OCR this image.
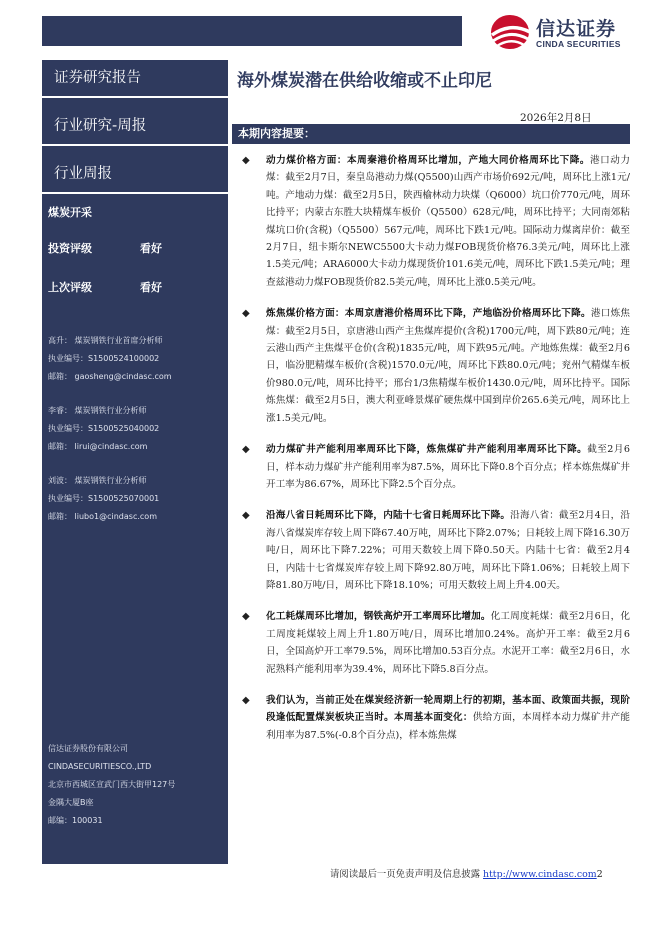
信达证券
CINDA SECURITIES
证券研究报告
行业研究-周报
行业周报
煤炭开采
投资评级	看好
上次评级	看好
高升： 煤炭钢铁行业首席分析师
执业编号：S1500524100002
邮箱： gaosheng@cindasc.com
李睿： 煤炭钢铁行业分析师
执业编号：S1500525040002
邮箱： lirui@cindasc.com
刘波： 煤炭钢铁行业分析师
执业编号：S1500525070001
邮箱： liubo1@cindasc.com
信达证券股份有限公司
CINDASECURITIESCO.,LTD
北京市西城区宣武门西大街甲127号
金隅大厦B座
邮编：100031
海外煤炭潜在供给收缩或不止印尼
2026年2月8日
本期内容提要：
◆ 动力煤价格方面：本周秦港价格周环比增加，产地大同价格周环比下降。港口动力煤：截至2月7日，秦皇岛港动力煤(Q5500)山西产市场价692元/吨，周环比上涨1元/吨。产地动力煤：截至2月5日，陕西榆林动力块煤（Q6000）坑口价770元/吨，周环比持平；内蒙古东胜大块精煤车板价（Q5500）628元/吨，周环比持平；大同南郊粘煤坑口价(含税)（Q5500）567元/吨，周环比下跌1元/吨。国际动力煤离岸价：截至2月7日，纽卡斯尔NEWC5500大卡动力煤FOB现货价格76.3美元/吨，周环比上涨1.5美元/吨；ARA6000大卡动力煤现货价101.6美元/吨，周环比下跌1.5美元/吨；理查兹港动力煤FOB现货价82.5美元/吨，周环比上涨0.5美元/吨。
◆ 炼焦煤价格方面：本周京唐港价格周环比下降，产地临汾价格周环比下降。港口炼焦煤：截至2月5日，京唐港山西产主焦煤库提价(含税)1700元/吨，周下跌80元/吨；连云港山西产主焦煤平仓价(含税)1835元/吨，周下跌95元/吨。产地炼焦煤：截至2月6日，临汾肥精煤车板价(含税)1570.0元/吨，周环比下跌80.0元/吨；兖州气精煤车板价980.0元/吨，周环比持平；邢台1/3焦精煤车板价1430.0元/吨，周环比持平。国际炼焦煤：截至2月5日，澳大利亚峰景煤矿硬焦煤中国到岸价265.6美元/吨，周环比上涨1.5美元/吨。
◆ 动力煤矿井产能利用率周环比下降，炼焦煤矿井产能利用率周环比下降。截至2月6日，样本动力煤矿井产能利用率为87.5%，周环比下降0.8个百分点；样本炼焦煤矿井开工率为86.67%，周环比下降2.5个百分点。
◆ 沿海八省日耗周环比下降，内陆十七省日耗周环比下降。沿海八省：截至2月4日，沿海八省煤炭库存较上周下降67.40万吨，周环比下降2.07%；日耗较上周下降16.30万吨/日，周环比下降7.22%；可用天数较上周下降0.50天。内陆十七省：截至2月4日，内陆十七省煤炭库存较上周下降92.80万吨，周环比下降1.06%；日耗较上周下降81.80万吨/日，周环比下降18.10%；可用天数较上周上升4.00天。
◆ 化工耗煤周环比增加，钢铁高炉开工率周环比增加。化工周度耗煤：截至2月6日，化工周度耗煤较上周上升1.80万吨/日，周环比增加0.24%。高炉开工率：截至2月6日，全国高炉开工率79.5%，周环比增加0.53百分点。水泥开工率：截至2月6日，水泥熟料产能利用率为39.4%，周环比下降5.8百分点。
◆ 我们认为，当前正处在煤炭经济新一轮周期上行的初期，基本面、政策面共振，现阶段逢低配置煤炭板块正当时。本周基本面变化：供给方面，本周样本动力煤矿井产能利用率为87.5%(-0.8个百分点)，样本炼焦煤
请阅读最后一页免责声明及信息披露 http://www.cindasc.com2
